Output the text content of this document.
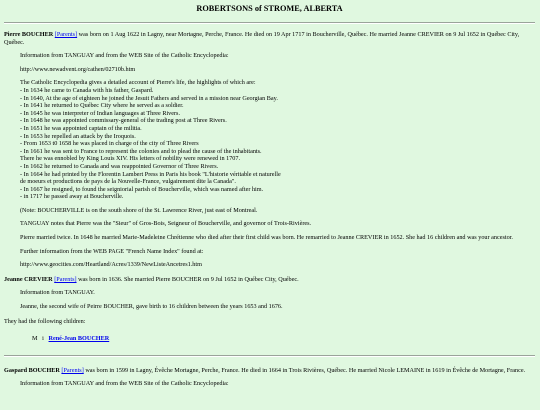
ROBERTSONS of STROME, ALBERTA

Pierre BOUCHER [Parents] was born on 1 Aug 1622 in Lagny, near Mortagne, Perche, France. He died on 19 Apr 1717 in Boucherville, Québec. He married Jeanne CREVIER on 9 Jul 1652 in Québec City, Québec.

Information from TANGUAY and from the WEB Site of the Catholic Encyclopedia:

http://www.newadvent.org/cathen/02710b.htm

The Catholic Encyclopedia gives a detailed account of Pierre's life, the highlights of which are:

- In 1634 he came to Canada with his father, Gaspard.

- In 1640, At the age of eighteen he joined the Jesuit Fathers and served in a mission near Georgian Bay.

- In 1641 he returned to Québec City where he served as a soldier.

- In 1645 he was interpreter of Indian languages at Three Rivers.

- In 1648 he was appointed commissary-general of the trading post at Three Rivers.

- In 1651 he was appointed captain of the militia.

- In 1653 he repelled an attack by the Iroquois.

- From 1653 t0 1658 he was placed in charge of the city of Three Rivers

- In 1661 he was sent to France to represent the colonies and to plead the cause of the inhabitants.

There he was ennobled by King Louis XIV. His letters of nobility were renewed in 1707.

- In 1662 he returned to Canada and was reappointed Governor of Three Rivers.

- In 1664 he had printed by the Florentin Lambert Press in Paris his book "L'historie véritable et naturelle

de moeurs et productions de pays de la Nouvelle-France, vulgairement dite la Canada".

- In 1667 he resigned, to found the seigniorial parish of Boucherville, which was named after him.

- in 1717 he passed away at Boucherville.

(Note: BOUCHERVILLE is on the south shore of the St. Lawrence River, just east of Montreal.

TANGUAY notes that Pierre was the "Sieur" of Gros-Bois, Seigneur of Boucherville, and governor of Trois-Rivières.

Pierre married twice. In 1648 he married Marie-Madeleine Chrétienne who died after their first child was born. He remarried to Jeanne CREVIER in 1652. She had 16 children and was your ancestor.

Further information from the WEB PAGE "French Name Index" found at:

http://www.geocities.com/Heartland/Acres/1339/NewListeAncetres1.htm

Jeanne CREVIER [Parents] was born in 1636. She married Pierre BOUCHER on 9 Jul 1652 in Québec City, Québec.

Information from TANGUAY.

Jeanne, the second wife of Peirre BOUCHER, gave birth to 16 children between the years 1653 and 1676.

They had the following children:

M i René-Jean BOUCHER

Gaspard BOUCHER [Parents] was born in 1599 in Lagny, Évêche Mortagne, Perche, France. He died in 1664 in Trois Rivières, Québec. He married Nicole LEMAINE in 1619 in Évêche de Mortagne, France.

Information from TANGUAY and from the WEB Site of the Catholic Encyclopedia:
